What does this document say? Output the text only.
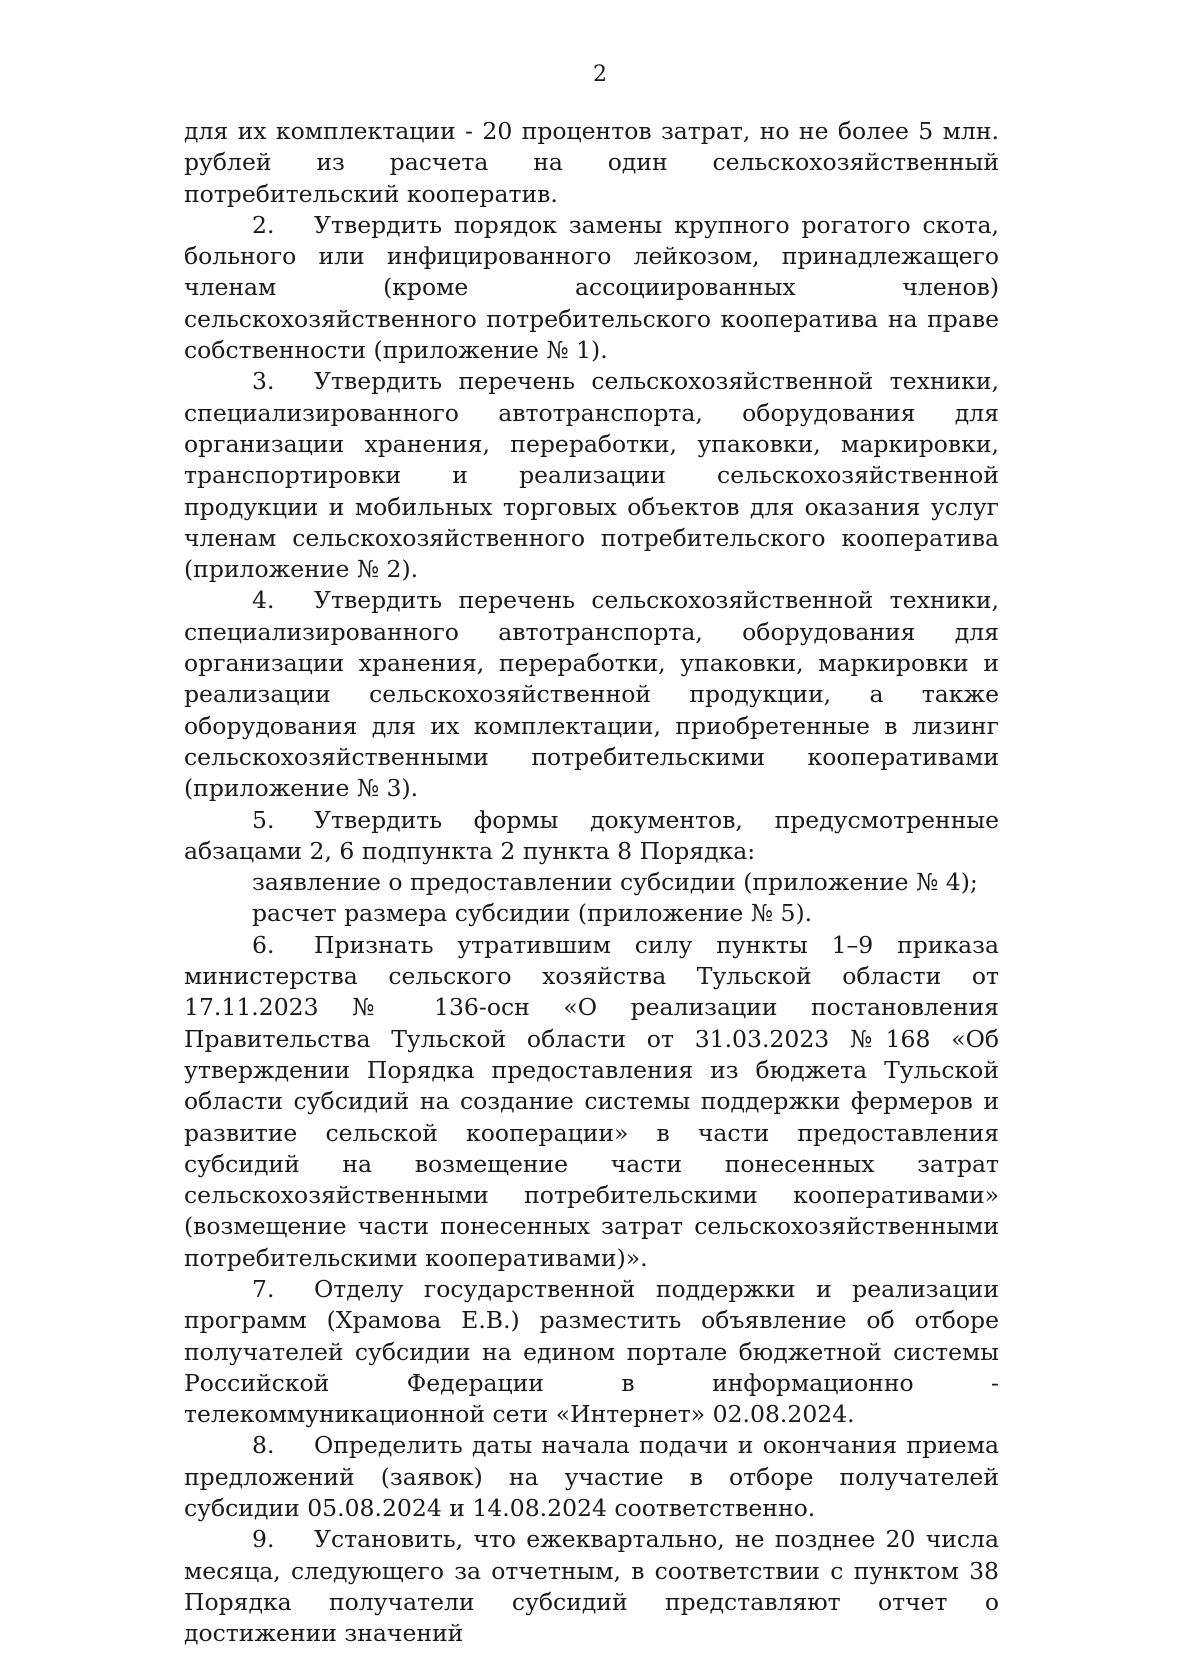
2

для их комплектации - 20 процентов затрат, но не более 5 млн. рублей из расчета на один сельскохозяйственный потребительский кооператив.

2. Утвердить порядок замены крупного рогатого скота, больного или инфицированного лейкозом, принадлежащего членам (кроме ассоциированных членов) сельскохозяйственного потребительского кооператива на праве собственности (приложение № 1).

3. Утвердить перечень сельскохозяйственной техники, специализированного автотранспорта, оборудования для организации хранения, переработки, упаковки, маркировки, транспортировки и реализации сельскохозяйственной продукции и мобильных торговых объектов для оказания услуг членам сельскохозяйственного потребительского кооператива (приложение № 2).

4. Утвердить перечень сельскохозяйственной техники, специализированного автотранспорта, оборудования для организации хранения, переработки, упаковки, маркировки и реализации сельскохозяйственной продукции, а также оборудования для их комплектации, приобретенные в лизинг сельскохозяйственными потребительскими кооперативами (приложение № 3).

5. Утвердить формы документов, предусмотренные абзацами 2, 6 подпункта 2 пункта 8 Порядка:

заявление о предоставлении субсидии (приложение № 4);

расчет размера субсидии (приложение № 5).

6. Признать утратившим силу пункты 1–9 приказа министерства сельского хозяйства Тульской области от 17.11.2023 № 136-осн «О реализации постановления Правительства Тульской области от 31.03.2023 №168 «Об утверждении Порядка предоставления из бюджета Тульской области субсидий на создание системы поддержки фермеров и развитие сельской кооперации» в части предоставления субсидий на возмещение части понесенных затрат сельскохозяйственными потребительскими кооперативами» (возмещение части понесенных затрат сельскохозяйственными потребительскими кооперативами)».

7. Отделу государственной поддержки и реализации программ (Храмова Е.В.) разместить объявление об отборе получателей субсидии на едином портале бюджетной системы Российской Федерации в информационно - телекоммуникационной сети «Интернет» 02.08.2024.

8. Определить даты начала подачи и окончания приема предложений (заявок) на участие в отборе получателей субсидии 05.08.2024 и 14.08.2024 соответственно.

9. Установить, что ежеквартально, не позднее 20 числа месяца, следующего за отчетным, в соответствии с пунктом 38 Порядка получатели субсидий представляют отчет о достижении значений
